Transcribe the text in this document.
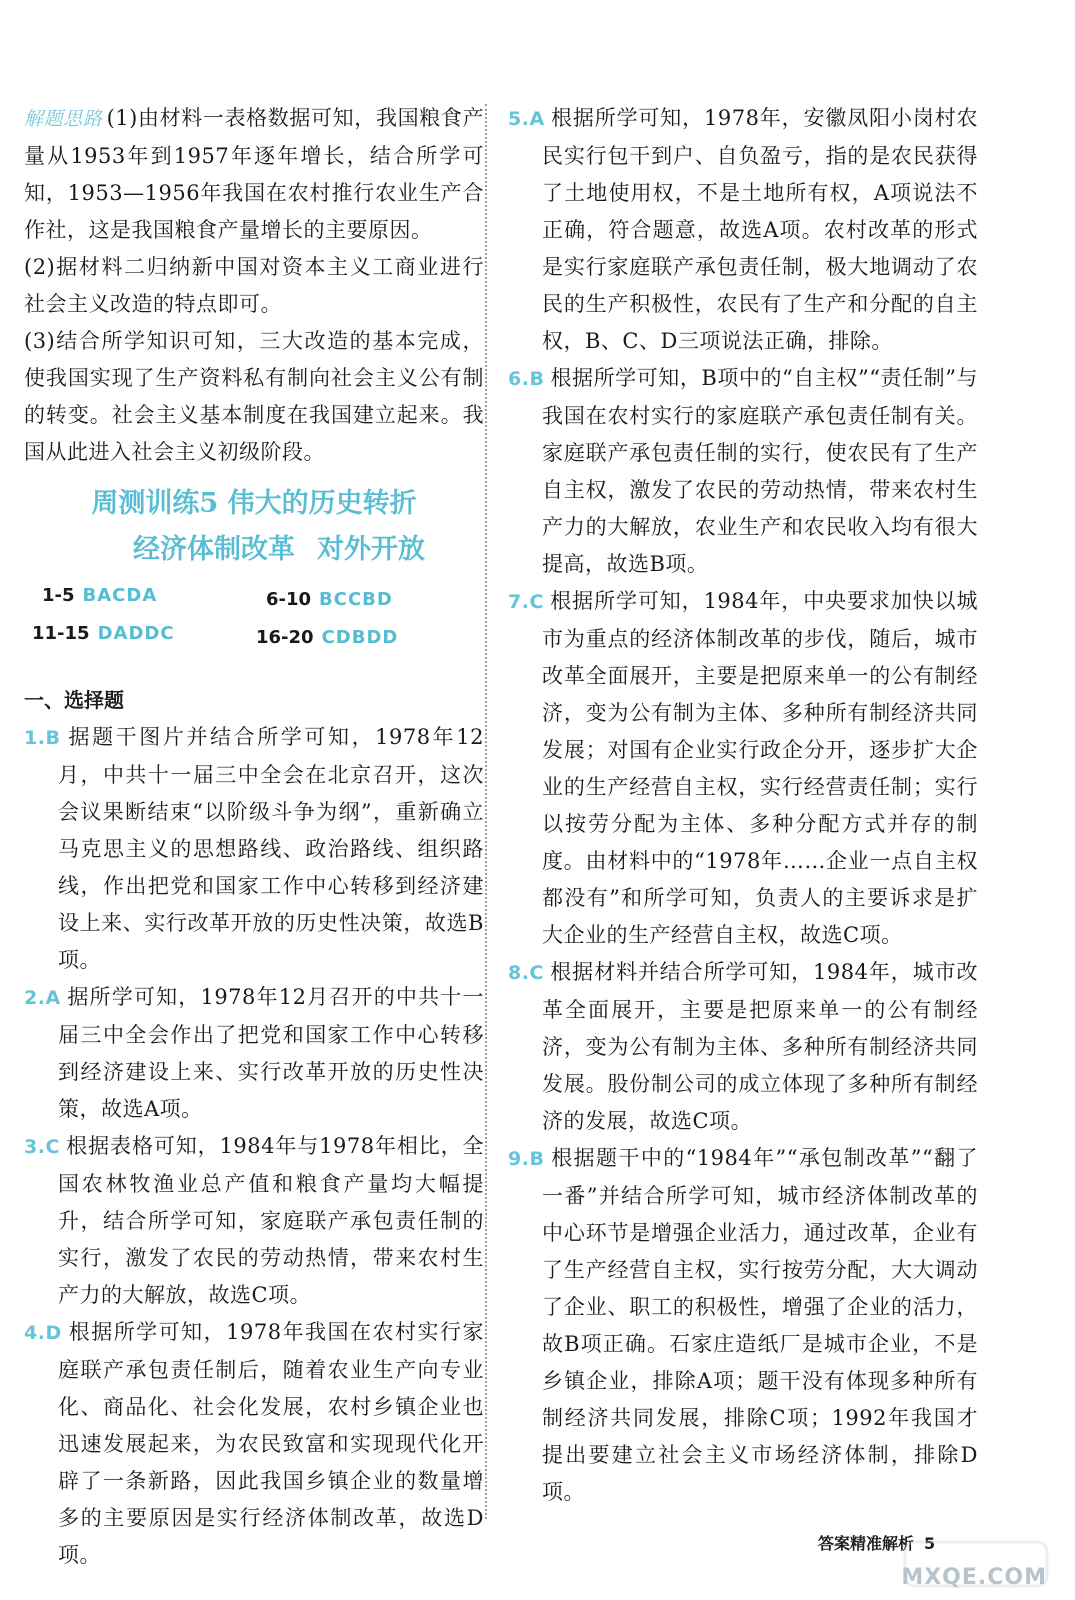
解题思路 (1)由材料一表格数据可知，我国粮食产量从1953年到1957年逐年增长，结合所学可知，1953—1956年我国在农村推行农业生产合作社，这是我国粮食产量增长的主要原因。

(2)据材料二归纳新中国对资本主义工商业进行社会主义改造的特点即可。

(3)结合所学知识可知，三大改造的基本完成，使我国实现了生产资料私有制向社会主义公有制的转变。社会主义基本制度在我国建立起来。我国从此进入社会主义初级阶段。

周测训练5 伟大的历史转折
经济体制改革 对外开放
1-5 BACDA	6-10 BCCBD
11-15 DADDC	16-20 CDBDD
一、选择题

1.B 据题干图片并结合所学可知，1978年12月，中共十一届三中全会在北京召开，这次会议果断结束“以阶级斗争为纲”，重新确立马克思主义的思想路线、政治路线、组织路线，作出把党和国家工作中心转移到经济建设上来、实行改革开放的历史性决策，故选B项。

2.A 据所学可知，1978年12月召开的中共十一届三中全会作出了把党和国家工作中心转移到经济建设上来、实行改革开放的历史性决策，故选A项。

3.C 根据表格可知，1984年与1978年相比，全国农林牧渔业总产值和粮食产量均大幅提升，结合所学可知，家庭联产承包责任制的实行，激发了农民的劳动热情，带来农村生产力的大解放，故选C项。

4.D 根据所学可知，1978年我国在农村实行家庭联产承包责任制后，随着农业生产向专业化、商品化、社会化发展，农村乡镇企业也迅速发展起来，为农民致富和实现现代化开辟了一条新路，因此我国乡镇企业的数量增多的主要原因是实行经济体制改革，故选D项。

5.A 根据所学可知，1978年，安徽凤阳小岗村农民实行包干到户、自负盈亏，指的是农民获得了土地使用权，不是土地所有权，A项说法不正确，符合题意，故选A项。农村改革的形式是实行家庭联产承包责任制，极大地调动了农民的生产积极性，农民有了生产和分配的自主权，B、C、D三项说法正确，排除。

6.B 根据所学可知，B项中的“自主权”“责任制”与我国在农村实行的家庭联产承包责任制有关。家庭联产承包责任制的实行，使农民有了生产自主权，激发了农民的劳动热情，带来农村生产力的大解放，农业生产和农民收入均有很大提高，故选B项。

7.C 根据所学可知，1984年，中央要求加快以城市为重点的经济体制改革的步伐，随后，城市改革全面展开，主要是把原来单一的公有制经济，变为公有制为主体、多种所有制经济共同发展；对国有企业实行政企分开，逐步扩大企业的生产经营自主权，实行经营责任制；实行以按劳分配为主体、多种分配方式并存的制度。由材料中的“1978年……企业一点自主权都没有”和所学可知，负责人的主要诉求是扩大企业的生产经营自主权，故选C项。

8.C 根据材料并结合所学可知，1984年，城市改革全面展开，主要是把原来单一的公有制经济，变为公有制为主体、多种所有制经济共同发展。股份制公司的成立体现了多种所有制经济的发展，故选C项。

9.B 根据题干中的“1984年”“承包制改革”“翻了一番”并结合所学可知，城市经济体制改革的中心环节是增强企业活力，通过改革，企业有了生产经营自主权，实行按劳分配，大大调动了企业、职工的积极性，增强了企业的活力，故B项正确。石家庄造纸厂是城市企业，不是乡镇企业，排除A项；题干没有体现多种所有制经济共同发展，排除C项；1992年我国才提出要建立社会主义市场经济体制，排除D项。

答案精准解析 5
MXQE.COM
